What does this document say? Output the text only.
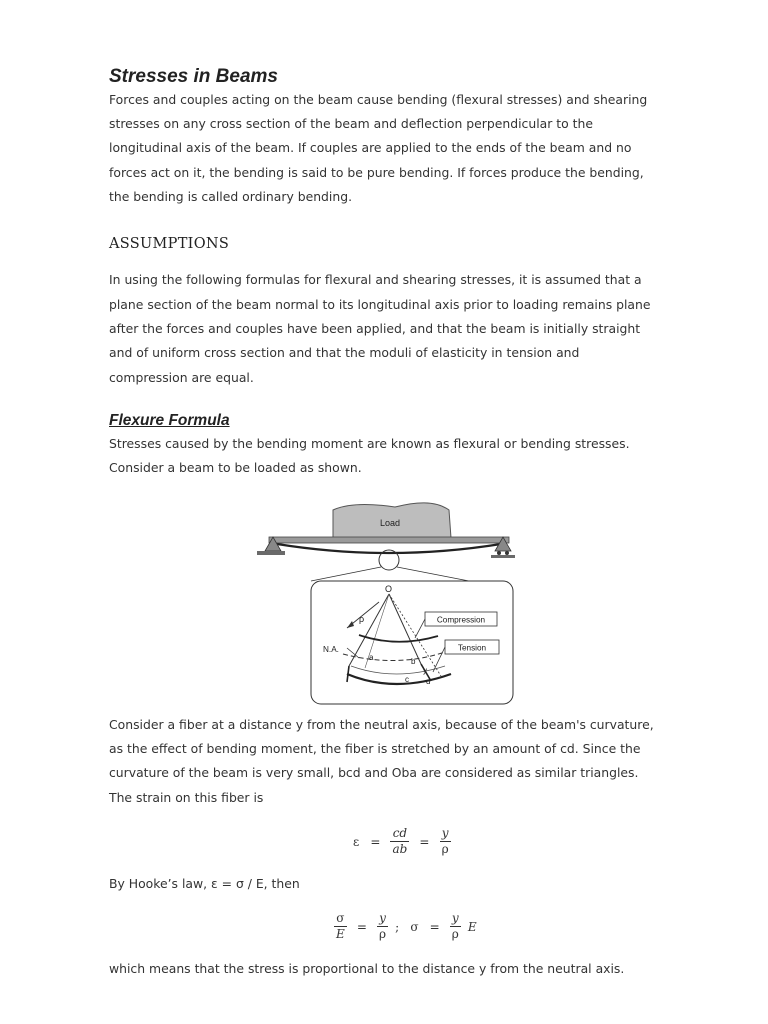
Stresses in Beams
Forces and couples acting on the beam cause bending (flexural stresses) and shearing
stresses on any cross section of the beam and deflection perpendicular to the
longitudinal axis of the beam. If couples are applied to the ends of the beam and no
forces act on it, the bending is said to be pure bending. If forces produce the bending,
the bending is called ordinary bending.
ASSUMPTIONS
In using the following formulas for flexural and shearing stresses, it is assumed that a
plane section of the beam normal to its longitudinal axis prior to loading remains plane
after the forces and couples have been applied, and that the beam is initially straight
and of uniform cross section and that the moduli of elasticity in tension and
compression are equal.
Flexure Formula
Stresses caused by the bending moment are known as flexural or bending stresses.
Consider a beam to be loaded as shown.
Load
Compression
Tension
O
ρ
N.A.
a	b
y
c d
Consider a fiber at a distance y from the neutral axis, because of the beam's curvature,
as the effect of bending moment, the fiber is stretched by an amount of cd. Since the
curvature of the beam is very small, bcd and Oba are considered as similar triangles.
The strain on this fiber is
$\varepsilon = \frac{cd}{ab} = \frac{y}{\rho}$
By Hooke’s law, ε = σ / E, then
$\frac{\sigma}{E} = \frac{y}{\rho}$ ; $\sigma = \frac{y}{\rho}$ E
which means that the stress is proportional to the distance y from the neutral axis.
